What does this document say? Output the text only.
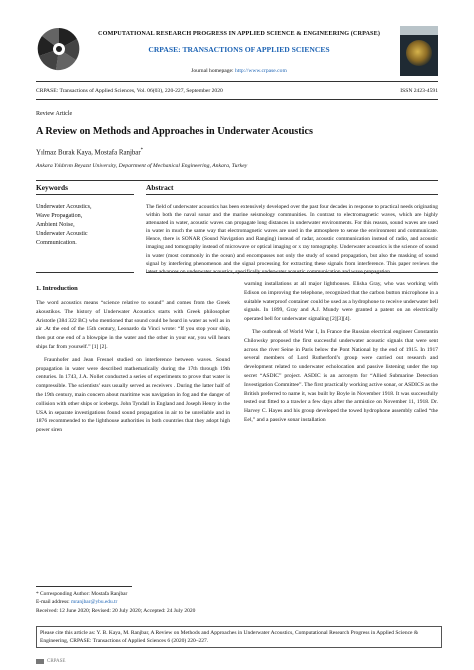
COMPUTATIONAL RESEARCH PROGRESS IN APPLIED SCIENCE & ENGINEERING (CRPASE)
CRPASE: TRANSACTIONS OF APPLIED SCIENCES
Journal homepage: http://www.crpase.com
CRPASE: Transactions of Applied Sciences, Vol. 06(03), 220-227, September 2020	ISSN 2423-4591
Review Article
A Review on Methods and Approaches in Underwater Acoustics
Yılmaz Burak Kaya, Mostafa Ranjbar*
Ankara Yıldırım Beyazıt University, Department of Mechanical Engineering, Ankara, Turkey
Keywords	Abstract
Underwater Acoustics,
Wave Propagation,
Ambient Noise,
Underwater Acoustic
Communication.
The field of underwater acoustics has been extensively developed over the past four decades in response to practical needs originating within both the naval sonar and the marine seismology communities. In contrast to electromagnetic waves, which are highly attenuated in water, acoustic waves can propagate long distances in underwater environments. For this reason, sound waves are used in water in much the same way that electromagnetic waves are used in the atmosphere to sense the environment and communicate. Hence, there is SONAR (Sound Navigation and Ranging) instead of radar, acoustic communication instead of radio, and acoustic imaging and tomography instead of microwave or optical imaging or x ray tomography. Underwater acoustics is the science of sound in water (most commonly in the ocean) and encompasses not only the study of sound propagation, but also the masking of sound signal by interfering phenomenon and the signal processing for extracting these signals from interference. This paper reviews the latest advances on underwater acoustics, specifically underwater acoustic communication and wave propagation.
1. Introduction

The word acoustics means “science relative to sound” and comes from the Greek akoustikos. The history of Underwater Acoustics starts with Greek philosopher Aristotle (384 322 BC) who mentioned that sound could be heard in water as well as in air .At the end of the 15th century, Leonardo da Vinci wrote: “If you stop your ship, then put one end of a blowpipe in the water and the other in your ear, you will hears ships far from yourself.” [1] [2].

Fraunhofer and Jean Fresnel studied on interference between waves. Sound propagation in water were described mathematically during the 17th through 19th centuries. In 1743, J.A. Nollet conducted a series of experiments to prove that water is compressible. The scientists’ ears usually served as receivers . During the latter half of the 19th century, main concern about maritime was navigation in fog and the danger of collision with other ships or icebergs. John Tyndall in England and Joseph Henry in the USA in separate investigations found sound propagation in air to be unreliable and in 1876 recommended to the lighthouse authorities in both countries that they adopt high power siren

warning installations at all major lighthouses. Elisha Gray, who was working with Edison on improving the telephone, recognized that the carbon button microphone in a suitable waterproof container could be used as a hydrophone to receive underwater bell signals. In 1899, Gray and A.J. Mundy were granted a patent on an electrically operated bell for underwater signaling [2][3][4].

The outbreak of World War I, In France the Russian electrical engineer Constantin Chilowsky proposed the first successful underwater acoustic signals that were sent across the river Seine in Paris below the Pont National by the end of 1915. In 1917 several members of Lord Rutherford’s group were carried out research and development related to underwater echolocation and passive listening under the top secret “ASDIC” project. ASDIC is an acronym for “Allied Submarine Detection Investigation Committee”. The first practically working active sonar, or ASDICS as the British preferred to name it, was built by Boyle in November 1918. It was successfully tested out fitted to a trawler a few days after the armistice on November 11, 1918. Dr. Harvey C. Hayes and his group developed the towed hydrophone assembly called “the Eel,” and a passive sonar installation

* Corresponding Author: Mostafa Ranjbar
E-mail address: mranjbar@ybu.edu.tr
Received: 12 June 2020; Revised: 20 July 2020; Accepted: 24 July 2020
Please cite this article as: Y. B. Kaya, M. Ranjbar, A Review on Methods and Approaches in Underwater Acoustics, Computational Research Progress in Applied Science & Engineering, CRPASE: Transactions of Applied Sciences 6 (2020) 220–227.
CRPASE
